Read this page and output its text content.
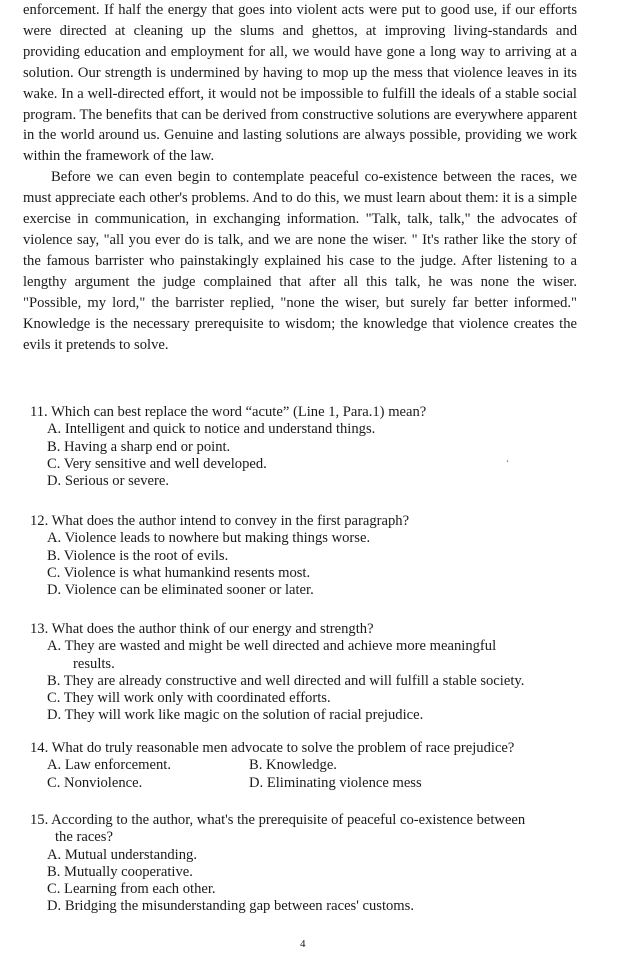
enforcement. If half the energy that goes into violent acts were put to good use, if our efforts were directed at cleaning up the slums and ghettos, at improving living-standards and providing education and employment for all, we would have gone a long way to arriving at a solution. Our strength is undermined by having to mop up the mess that violence leaves in its wake. In a well-directed effort, it would not be impossible to fulfill the ideals of a stable social program. The benefits that can be derived from constructive solutions are everywhere apparent in the world around us. Genuine and lasting solutions are always possible, providing we work within the framework of the law.

Before we can even begin to contemplate peaceful co-existence between the races, we must appreciate each other's problems. And to do this, we must learn about them: it is a simple exercise in communication, in exchanging information. "Talk, talk, talk," the advocates of violence say, "all you ever do is talk, and we are none the wiser. " It's rather like the story of the famous barrister who painstakingly explained his case to the judge. After listening to a lengthy argument the judge complained that after all this talk, he was none the wiser. "Possible, my lord," the barrister replied, "none the wiser, but surely far better informed." Knowledge is the necessary prerequisite to wisdom; the knowledge that violence creates the evils it pretends to solve.

11. Which can best replace the word “acute” (Line 1, Para.1) mean?

A. Intelligent and quick to notice and understand things.

B. Having a sharp end or point.

C. Very sensitive and well developed.

D. Serious or severe.

‘

12. What does the author intend to convey in the first paragraph?

A. Violence leads to nowhere but making things worse.

B. Violence is the root of evils.

C. Violence is what humankind resents most.

D. Violence can be eliminated sooner or later.

13. What does the author think of our energy and strength?

A. They are wasted and might be well directed and achieve more meaningful
results.

B. They are already constructive and well directed and will fulfill a stable society.

C. They will work only with coordinated efforts.

D. They will work like magic on the solution of racial prejudice.

14. What do truly reasonable men advocate to solve the problem of race prejudice?

A. Law enforcement.	B. Knowledge.
C. Nonviolence.	D. Eliminating violence mess

15. According to the author, what's the prerequisite of peaceful co-existence between
the races?

A. Mutual understanding.

B. Mutually cooperative.

C. Learning from each other.

D. Bridging the misunderstanding gap between races' customs.

4
